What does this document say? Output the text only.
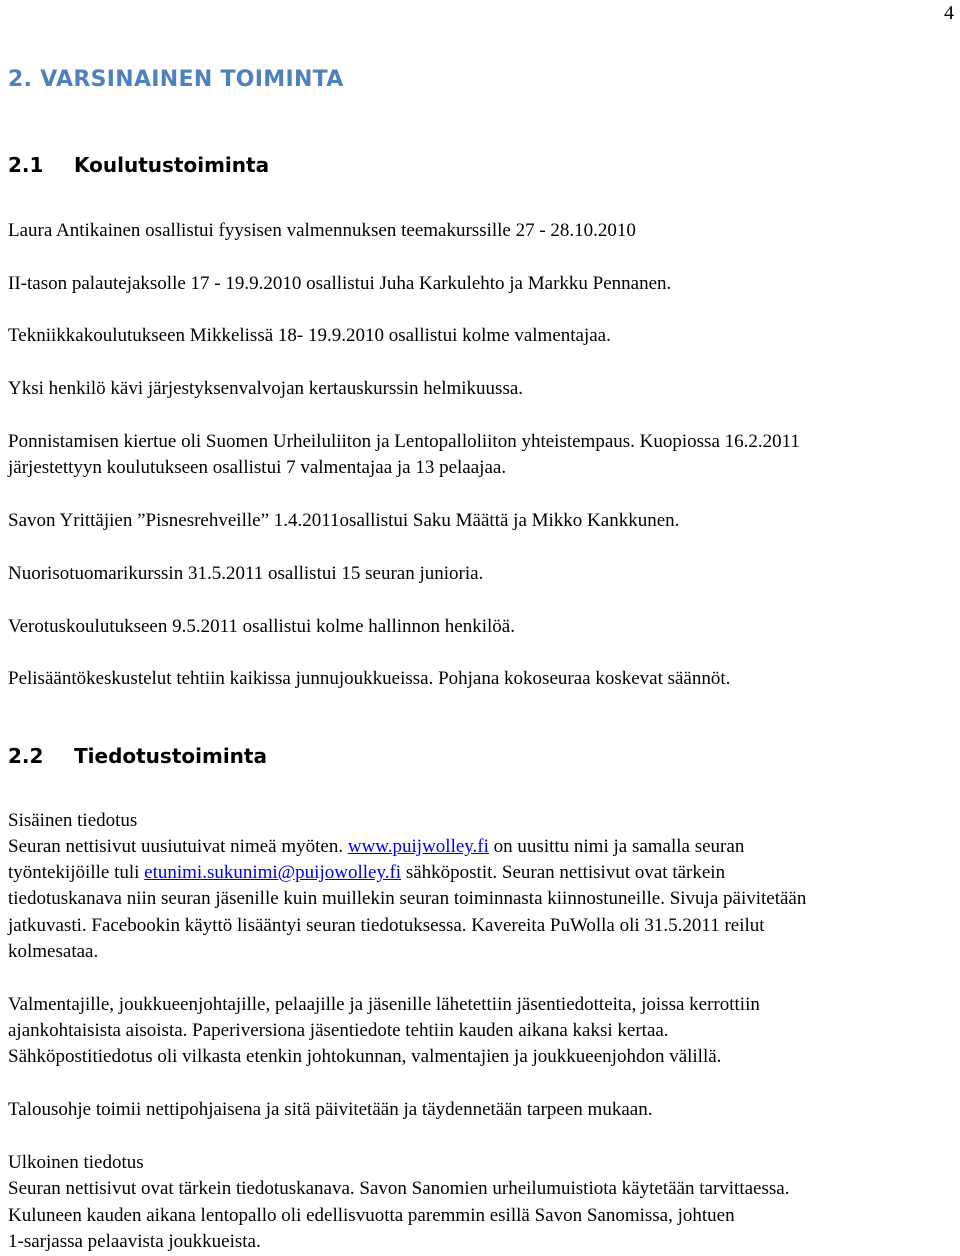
4
2. VARSINAINEN TOIMINTA
2.1 Koulutustoiminta

Laura Antikainen osallistui fyysisen valmennuksen teemakurssille 27 - 28.10.2010

II-tason palautejaksolle 17 - 19.9.2010 osallistui Juha Karkulehto ja Markku Pennanen.

Tekniikkakoulutukseen Mikkelissä 18- 19.9.2010 osallistui kolme valmentajaa.

Yksi henkilö kävi järjestyksenvalvojan kertauskurssin helmikuussa.

Ponnistamisen kiertue oli Suomen Urheiluliiton ja Lentopalloliiton yhteistempaus. Kuopiossa 16.2.2011

järjestettyyn koulutukseen osallistui 7 valmentajaa ja 13 pelaajaa.

Savon Yrittäjien ”Pisnesrehveille” 1.4.2011osallistui Saku Määttä ja Mikko Kankkunen.

Nuorisotuomarikurssin 31.5.2011 osallistui 15 seuran junioria.

Verotuskoulutukseen 9.5.2011 osallistui kolme hallinnon henkilöä.

Pelisääntökeskustelut tehtiin kaikissa junnujoukkueissa. Pohjana kokoseuraa koskevat säännöt.

2.2 Tiedotustoiminta

Sisäinen tiedotus

Seuran nettisivut uusiutuivat nimeä myöten. www.puijwolley.fi on uusittu nimi ja samalla seuran

työntekijöille tuli etunimi.sukunimi@puijowolley.fi sähköpostit. Seuran nettisivut ovat tärkein

tiedotuskanava niin seuran jäsenille kuin muillekin seuran toiminnasta kiinnostuneille. Sivuja päivitetään

jatkuvasti. Facebookin käyttö lisääntyi seuran tiedotuksessa. Kavereita PuWolla oli 31.5.2011 reilut

kolmesataa.

Valmentajille, joukkueenjohtajille, pelaajille ja jäsenille lähetettiin jäsentiedotteita, joissa kerrottiin

ajankohtaisista aisoista. Paperiversiona jäsentiedote tehtiin kauden aikana kaksi kertaa.

Sähköpostitiedotus oli vilkasta etenkin johtokunnan, valmentajien ja joukkueenjohdon välillä.

Talousohje toimii nettipohjaisena ja sitä päivitetään ja täydennetään tarpeen mukaan.

Ulkoinen tiedotus

Seuran nettisivut ovat tärkein tiedotuskanava. Savon Sanomien urheilumuistiota käytetään tarvittaessa.

Kuluneen kauden aikana lentopallo oli edellisvuotta paremmin esillä Savon Sanomissa, johtuen

1-sarjassa pelaavista joukkueista.
